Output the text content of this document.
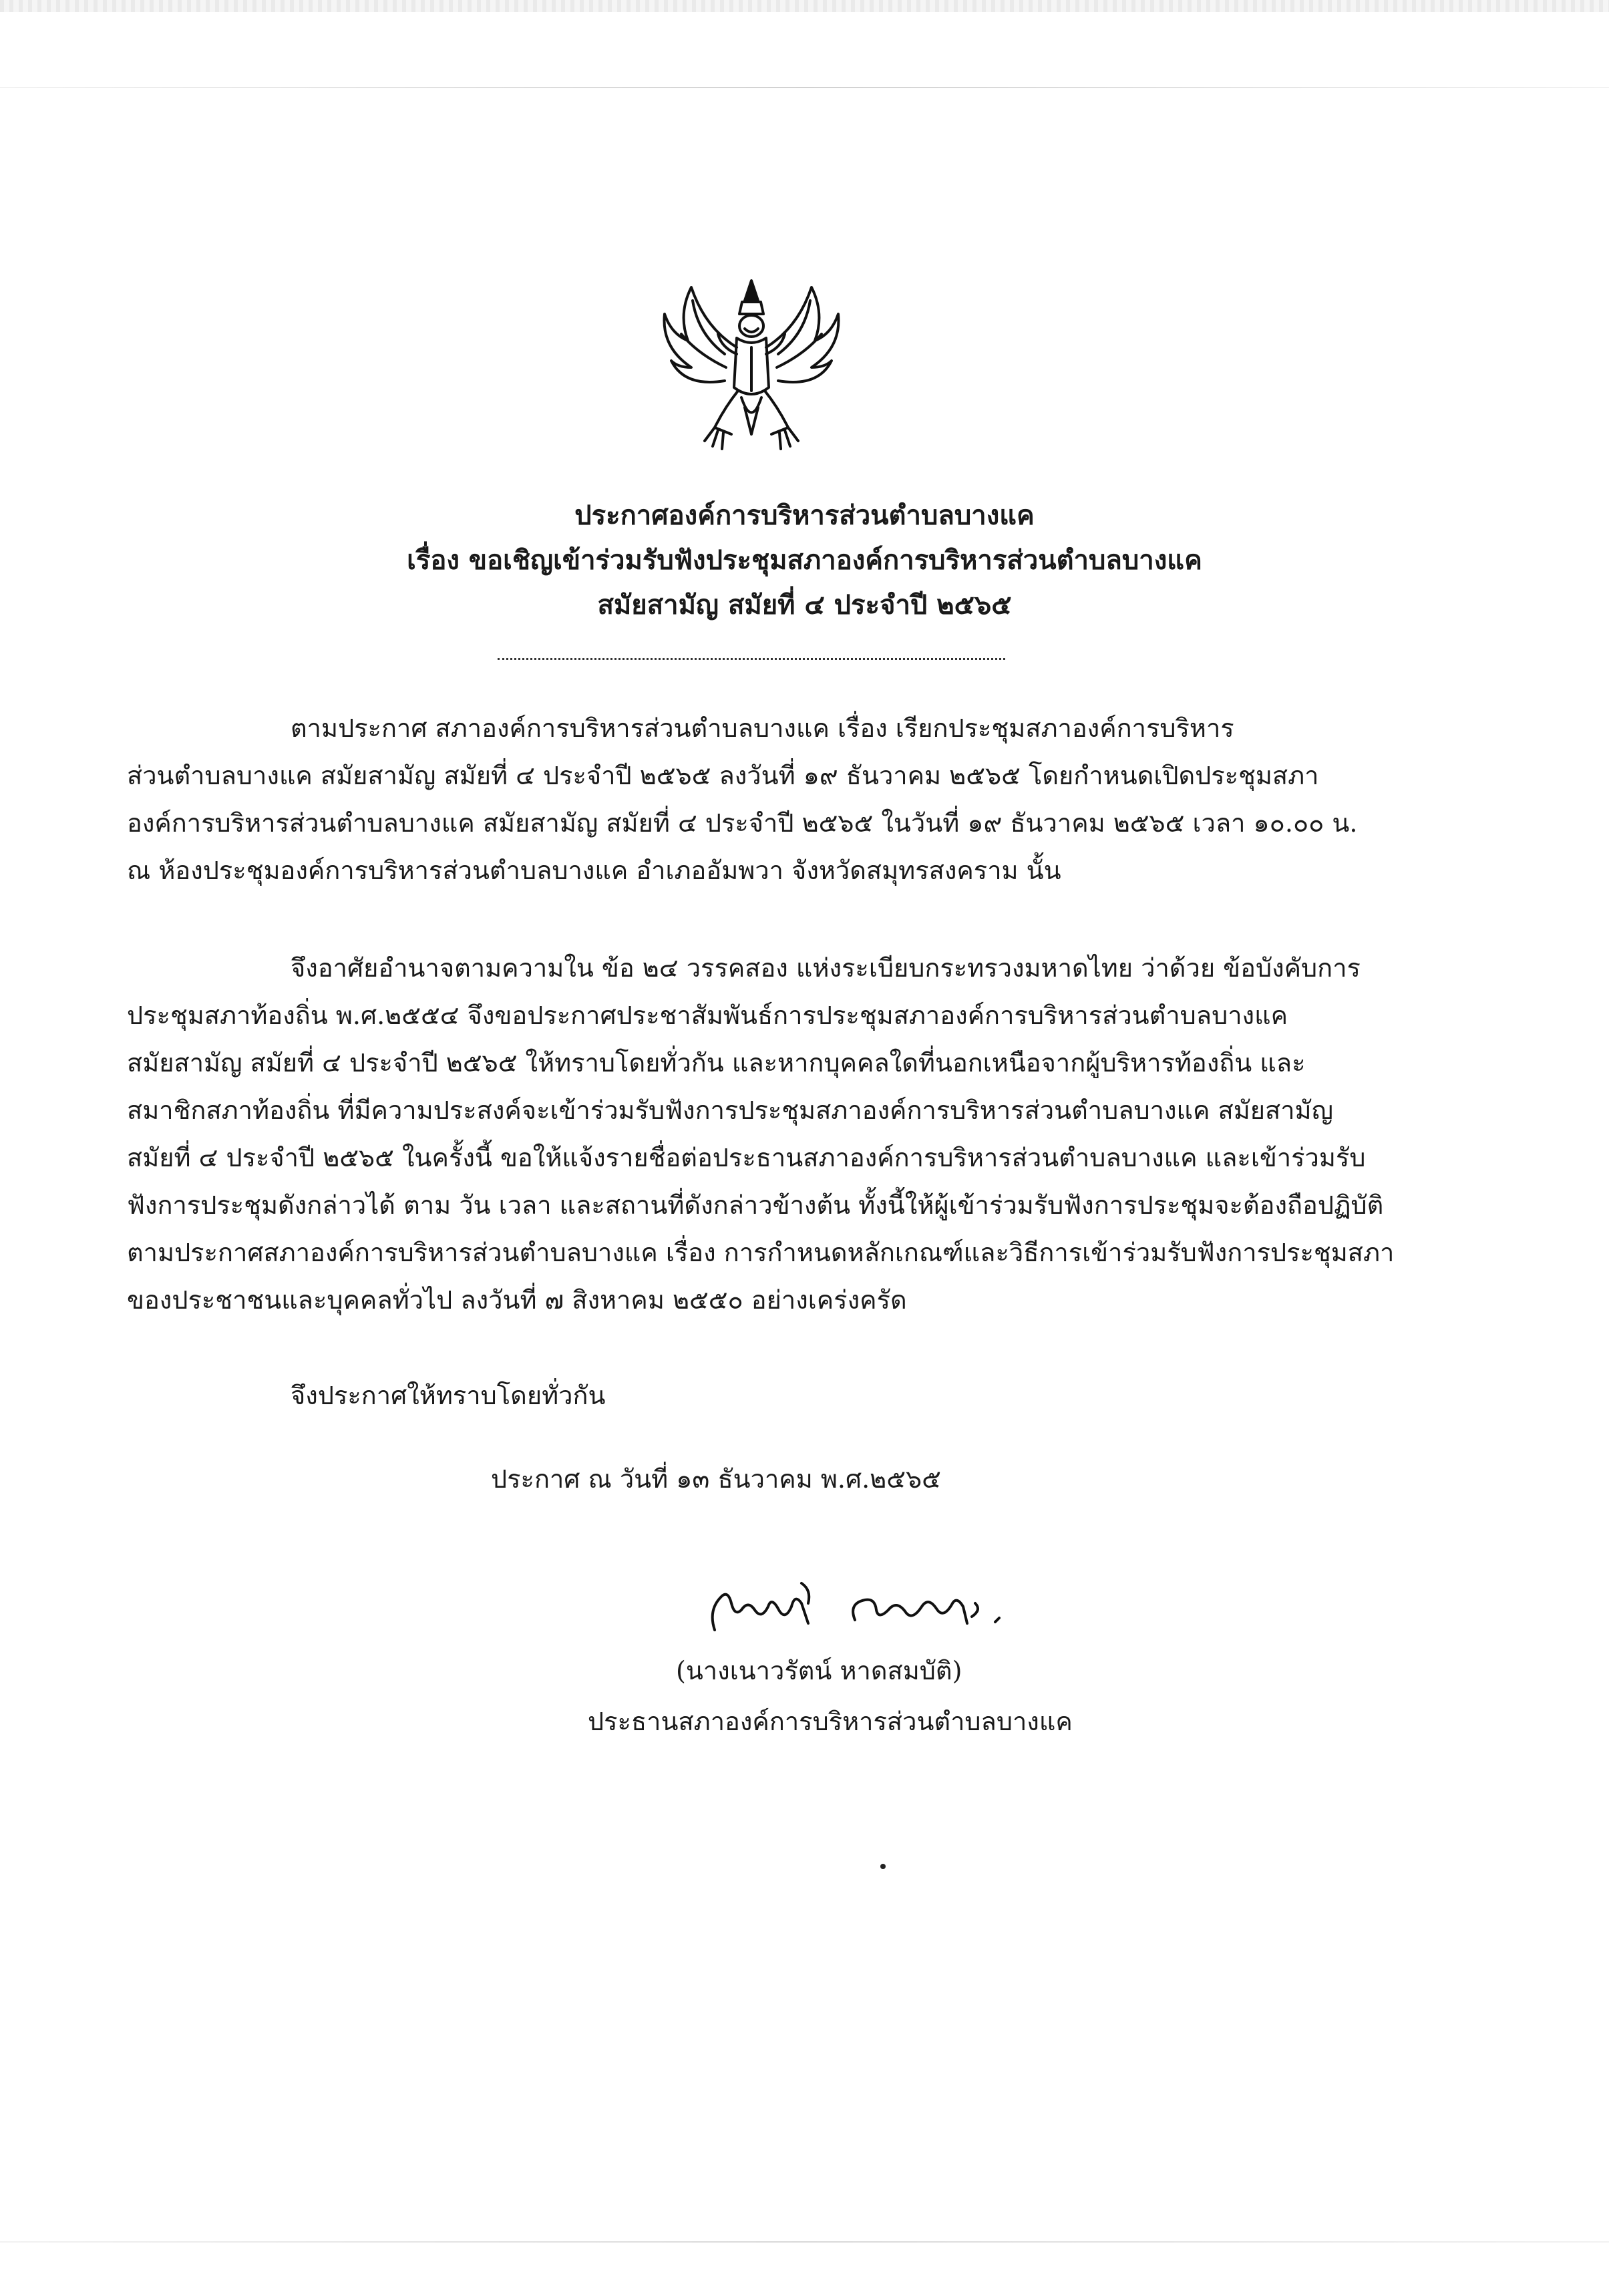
ประกาศองค์การบริหารส่วนตำบลบางแค
เรื่อง ขอเชิญเข้าร่วมรับฟังประชุมสภาองค์การบริหารส่วนตำบลบางแค
สมัยสามัญ สมัยที่ ๔ ประจำปี ๒๕๖๕
ตามประกาศ สภาองค์การบริหารส่วนตำบลบางแค เรื่อง เรียกประชุมสภาองค์การบริหาร
ส่วนตำบลบางแค สมัยสามัญ สมัยที่ ๔ ประจำปี ๒๕๖๕ ลงวันที่ ๑๙ ธันวาคม ๒๕๖๕ โดยกำหนดเปิดประชุมสภา
องค์การบริหารส่วนตำบลบางแค สมัยสามัญ สมัยที่ ๔ ประจำปี ๒๕๖๕ ในวันที่ ๑๙ ธันวาคม ๒๕๖๕ เวลา ๑๐.๐๐ น.
ณ ห้องประชุมองค์การบริหารส่วนตำบลบางแค อำเภออัมพวา จังหวัดสมุทรสงคราม นั้น
จึงอาศัยอำนาจตามความใน ข้อ ๒๔ วรรคสอง แห่งระเบียบกระทรวงมหาดไทย ว่าด้วย ข้อบังคับการ
ประชุมสภาท้องถิ่น พ.ศ.๒๕๕๔ จึงขอประกาศประชาสัมพันธ์การประชุมสภาองค์การบริหารส่วนตำบลบางแค
สมัยสามัญ สมัยที่ ๔ ประจำปี ๒๕๖๕ ให้ทราบโดยทั่วกัน และหากบุคคลใดที่นอกเหนือจากผู้บริหารท้องถิ่น และ
สมาชิกสภาท้องถิ่น ที่มีความประสงค์จะเข้าร่วมรับฟังการประชุมสภาองค์การบริหารส่วนตำบลบางแค สมัยสามัญ
สมัยที่ ๔ ประจำปี ๒๕๖๕ ในครั้งนี้ ขอให้แจ้งรายชื่อต่อประธานสภาองค์การบริหารส่วนตำบลบางแค และเข้าร่วมรับ
ฟังการประชุมดังกล่าวได้ ตาม วัน เวลา และสถานที่ดังกล่าวข้างต้น ทั้งนี้ให้ผู้เข้าร่วมรับฟังการประชุมจะต้องถือปฏิบัติ
ตามประกาศสภาองค์การบริหารส่วนตำบลบางแค เรื่อง การกำหนดหลักเกณฑ์และวิธีการเข้าร่วมรับฟังการประชุมสภา
ของประชาชนและบุคคลทั่วไป ลงวันที่ ๗ สิงหาคม ๒๕๕๐ อย่างเคร่งครัด
จึงประกาศให้ทราบโดยทั่วกัน
ประกาศ ณ วันที่ ๑๓ ธันวาคม พ.ศ.๒๕๖๕
(นางเนาวรัตน์ หาดสมบัติ)
ประธานสภาองค์การบริหารส่วนตำบลบางแค
